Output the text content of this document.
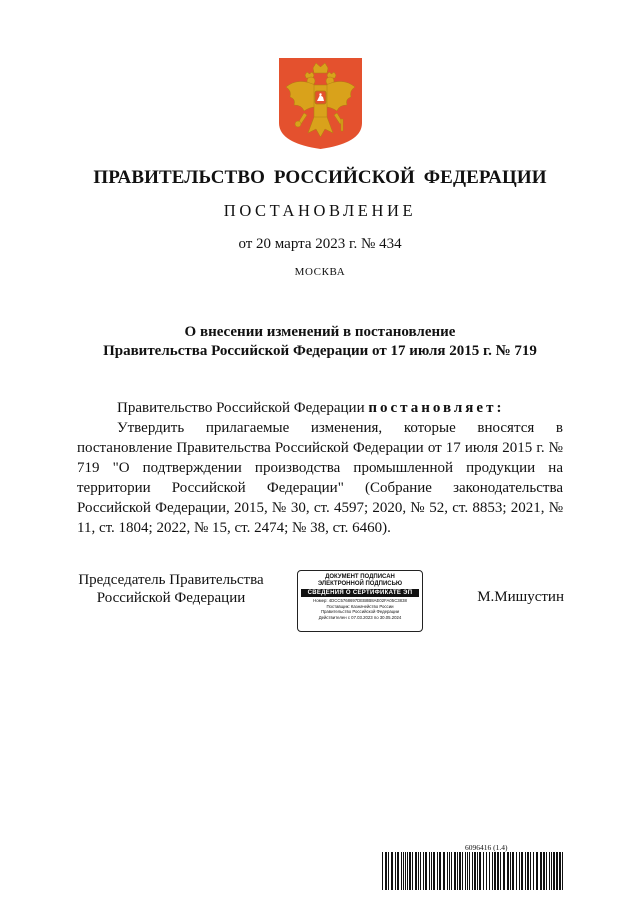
ПРАВИТЕЛЬСТВО РОССИЙСКОЙ ФЕДЕРАЦИИ
ПОСТАНОВЛЕНИЕ
от 20 марта 2023 г. № 434
МОСКВА
О внесении изменений в постановление
Правительства Российской Федерации от 17 июля 2015 г. № 719

Правительство Российской Федерации постановляет:

Утвердить прилагаемые изменения, которые вносятся в постановление Правительства Российской Федерации от 17 июля 2015 г. № 719 "О подтверждении производства промышленной продукции на территории Российской Федерации" (Собрание законодательства Российской Федерации, 2015, № 30, ст. 4597; 2020, № 52, ст. 8853; 2021, № 11, ст. 1804; 2022, № 15, ст. 2474; № 38, ст. 6460).

Председатель Правительства
Российской Федерации
ДОКУМЕНТ ПОДПИСАН
ЭЛЕКТРОННОЙ ПОДПИСЬЮ
СВЕДЕНИЯ О СЕРТИФИКАТЕ ЭП
Номер: 4DCC5768697DEB8B8AE02FA05C3838
Поставщик: Казначейство России
Правительство Российской Федерации
Действителен с 07.03.2023 по 30.05.2024
М.Мишустин
6096416 (1.4)
